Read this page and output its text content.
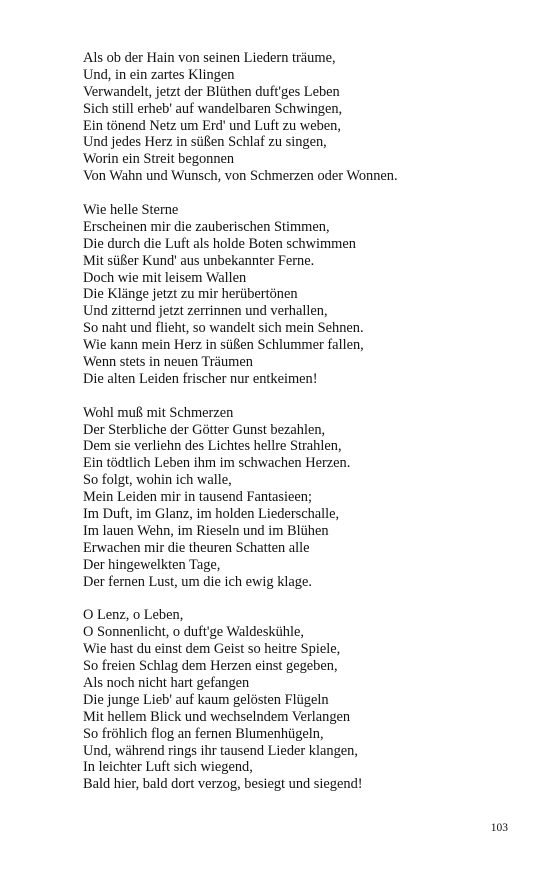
Als ob der Hain von seinen Liedern träume,
Und, in ein zartes Klingen
Verwandelt, jetzt der Blüthen duft'ges Leben
Sich still erheb' auf wandelbaren Schwingen,
Ein tönend Netz um Erd' und Luft zu weben,
Und jedes Herz in süßen Schlaf zu singen,
Worin ein Streit begonnen
Von Wahn und Wunsch, von Schmerzen oder Wonnen.
Wie helle Sterne
Erscheinen mir die zauberischen Stimmen,
Die durch die Luft als holde Boten schwimmen
Mit süßer Kund' aus unbekannter Ferne.
Doch wie mit leisem Wallen
Die Klänge jetzt zu mir herübertönen
Und zitternd jetzt zerrinnen und verhallen,
So naht und flieht, so wandelt sich mein Sehnen.
Wie kann mein Herz in süßen Schlummer fallen,
Wenn stets in neuen Träumen
Die alten Leiden frischer nur entkeimen!
Wohl muß mit Schmerzen
Der Sterbliche der Götter Gunst bezahlen,
Dem sie verliehn des Lichtes hellre Strahlen,
Ein tödtlich Leben ihm im schwachen Herzen.
So folgt, wohin ich walle,
Mein Leiden mir in tausend Fantasieen;
Im Duft, im Glanz, im holden Liederschalle,
Im lauen Wehn, im Rieseln und im Blühen
Erwachen mir die theuren Schatten alle
Der hingewelkten Tage,
Der fernen Lust, um die ich ewig klage.
O Lenz, o Leben,
O Sonnenlicht, o duft'ge Waldeskühle,
Wie hast du einst dem Geist so heitre Spiele,
So freien Schlag dem Herzen einst gegeben,
Als noch nicht hart gefangen
Die junge Lieb' auf kaum gelösten Flügeln
Mit hellem Blick und wechselndem Verlangen
So fröhlich flog an fernen Blumenhügeln,
Und, während rings ihr tausend Lieder klangen,
In leichter Luft sich wiegend,
Bald hier, bald dort verzog, besiegt und siegend!
103
